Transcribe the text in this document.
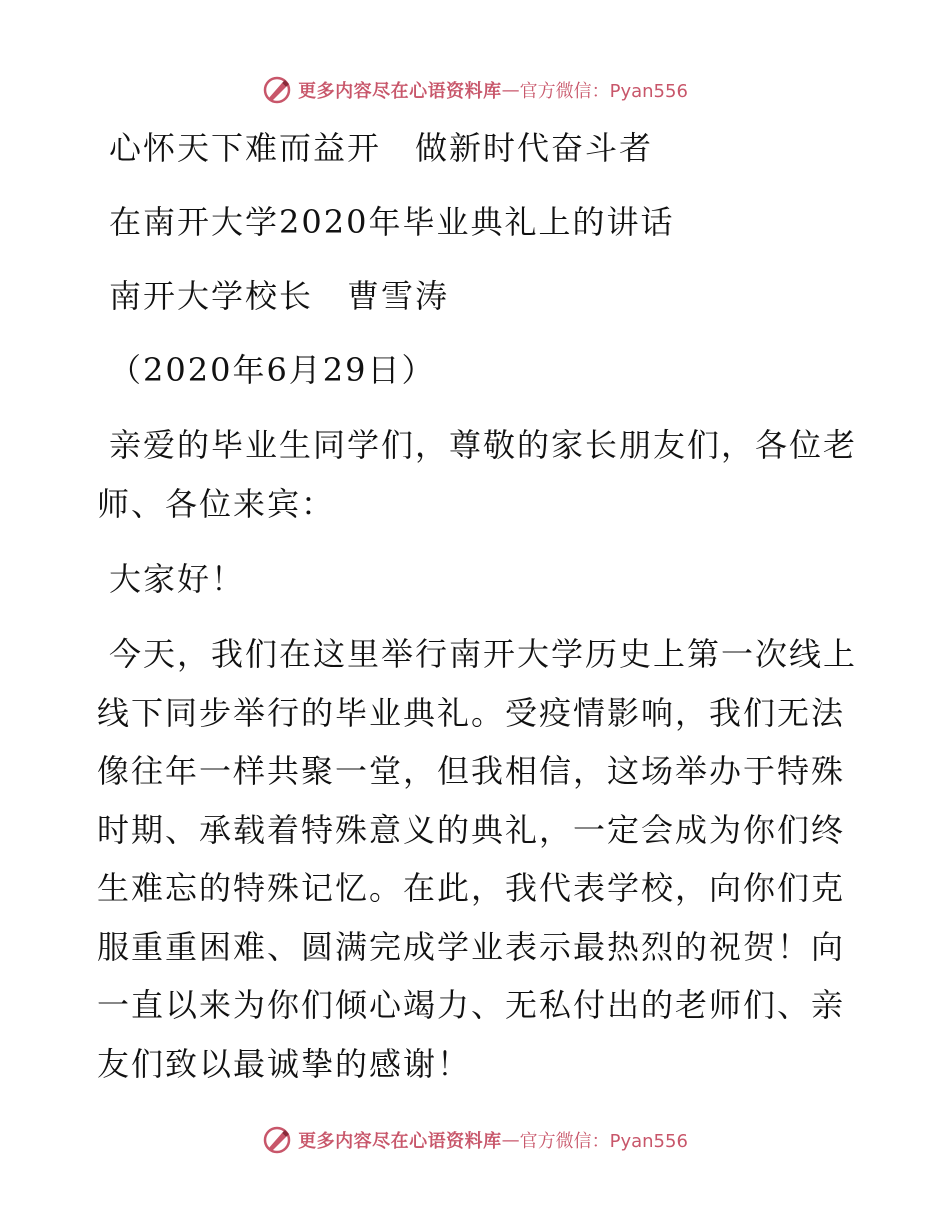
更多内容尽在心语资料库 — 官方微信：Pyan556

心怀天下难而益开　做新时代奋斗者

在南开大学2020年毕业典礼上的讲话

南开大学校长　曹雪涛

（2020年6月29日）

亲爱的毕业生同学们，尊敬的家长朋友们，各位老师、各位来宾：

大家好！

今天，我们在这里举行南开大学历史上第一次线上线下同步举行的毕业典礼。受疫情影响，我们无法像往年一样共聚一堂，但我相信，这场举办于特殊时期、承载着特殊意义的典礼，一定会成为你们终生难忘的特殊记忆。在此，我代表学校，向你们克服重重困难、圆满完成学业表示最热烈的祝贺！向一直以来为你们倾心竭力、无私付出的老师们、亲友们致以最诚挚的感谢！

更多内容尽在心语资料库 — 官方微信：Pyan556
